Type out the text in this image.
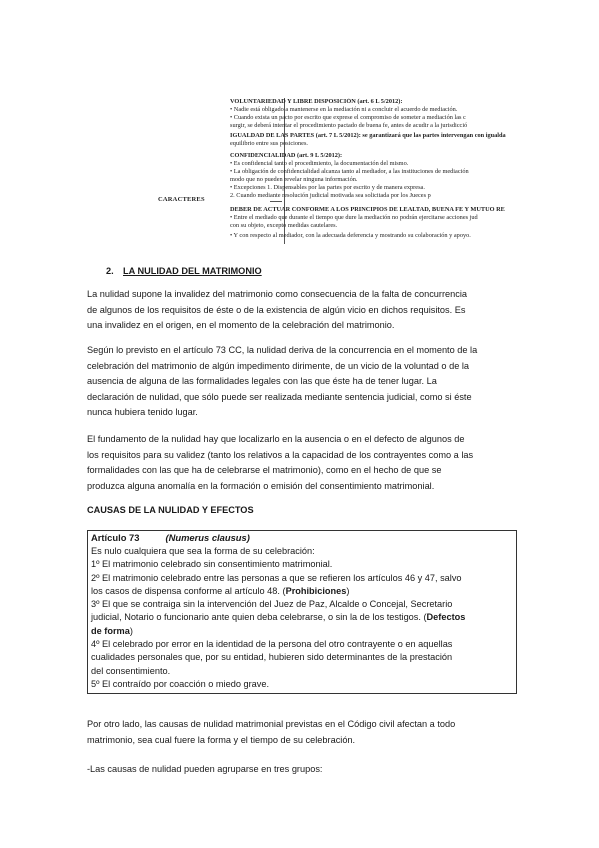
CARACTERES
VOLUNTARIEDAD Y LIBRE DISPOSICIÓN (art. 6 L 5/2012):
• Nadie está obligado a mantenerse en la mediación ni a concluir el acuerdo de mediación.
• Cuando exista un pacto por escrito que exprese el compromiso de someter a mediación las c
surgir, se deberá intentar el procedimiento pactado de buena fe, antes de acudir a la jurisdicció
IGUALDAD DE LAS PARTES (art. 7 L 5/2012): se garantizará que las partes intervengan con igualda
equilibrio entre sus posiciones.
CONFIDENCIALIDAD (art. 9 L 5/2012):
• Es confidencial tanto el procedimiento, la documentación del mismo.
• La obligación de confidencialidad alcanza tanto al mediador, a las instituciones de mediación
modo que no pueden revelar ninguna información.
• Excepciones 1. Dispensables por las partes por escrito y de manera expresa.
2. Cuando mediante resolución judicial motivada sea solicitada por los Jueces p
DEBER DE ACTUAR CONFORME A LOS PRINCIPIOS DE LEALTAD, BUENA FE Y MUTUO RE
• Entre el mediado que durante el tiempo que dure la mediación no podrán ejercitarse acciones jud
con su objeto, excepto medidas cautelares.
• Y con respecto al mediador, con la adecuada deferencia y mostrando su colaboración y apoyo.
2. LA NULIDAD DEL MATRIMONIO

La nulidad supone la invalidez del matrimonio como consecuencia de la falta de concurrencia
de algunos de los requisitos de éste o de la existencia de algún vicio en dichos requisitos. Es
una invalidez en el origen, en el momento de la celebración del matrimonio.

Según lo previsto en el artículo 73 CC, la nulidad deriva de la concurrencia en el momento de la
celebración del matrimonio de algún impedimento dirimente, de un vicio de la voluntad o de la
ausencia de alguna de las formalidades legales con las que éste ha de tener lugar. La
declaración de nulidad, que sólo puede ser realizada mediante sentencia judicial, como si éste
nunca hubiera tenido lugar.

El fundamento de la nulidad hay que localizarlo en la ausencia o en el defecto de algunos de
los requisitos para su validez (tanto los relativos a la capacidad de los contrayentes como a las
formalidades con las que ha de celebrarse el matrimonio), como en el hecho de que se
produzca alguna anomalía en la formación o emisión del consentimiento matrimonial.

CAUSAS DE LA NULIDAD Y EFECTOS
Artículo 73	(Numerus clausus)
Es nulo cualquiera que sea la forma de su celebración:
1º El matrimonio celebrado sin consentimiento matrimonial.
2º El matrimonio celebrado entre las personas a que se refieren los artículos 46 y 47, salvo
los casos de dispensa conforme al artículo 48. (Prohibiciones)
3º El que se contraiga sin la intervención del Juez de Paz, Alcalde o Concejal, Secretario
judicial, Notario o funcionario ante quien deba celebrarse, o sin la de los testigos. (Defectos
de forma)
4º El celebrado por error en la identidad de la persona del otro contrayente o en aquellas
cualidades personales que, por su entidad, hubieren sido determinantes de la prestación
del consentimiento.
5º El contraído por coacción o miedo grave.

Por otro lado, las causas de nulidad matrimonial previstas en el Código civil afectan a todo
matrimonio, sea cual fuere la forma y el tiempo de su celebración.

-Las causas de nulidad pueden agruparse en tres grupos:
